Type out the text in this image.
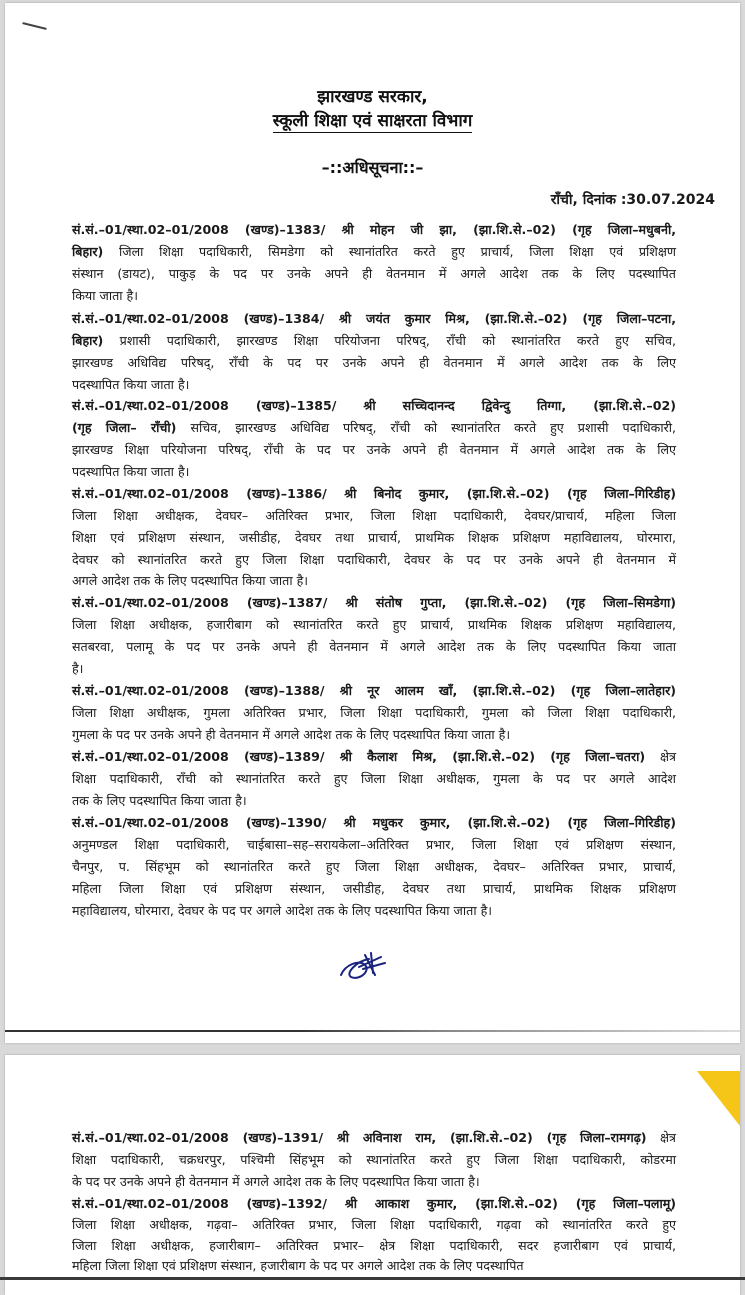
झारखण्ड सरकार,
स्कूली शिक्षा एवं साक्षरता विभाग
–::अधिसूचना::–
राँची, दिनांक :30.07.2024
सं.सं.–01/स्था.02–01/2008 (खण्ड)–1383/ श्री मोहन जी झा, (झा.शि.से.–02) (गृह जिला–मधुबनी,
बिहार) जिला शिक्षा पदाधिकारी, सिमडेगा को स्थानांतरित करते हुए प्राचार्य, जिला शिक्षा एवं प्रशिक्षण
संस्थान (डायट), पाकुड़ के पद पर उनके अपने ही वेतनमान में अगले आदेश तक के लिए पदस्थापित
किया जाता है।
सं.सं.–01/स्था.02–01/2008 (खण्ड)–1384/ श्री जयंत कुमार मिश्र, (झा.शि.से.–02) (गृह जिला–पटना,
बिहार) प्रशासी पदाधिकारी, झारखण्ड शिक्षा परियोजना परिषद्, राँची को स्थानांतरित करते हुए सचिव,
झारखण्ड अधिविद्य परिषद्, राँची के पद पर उनके अपने ही वेतनमान में अगले आदेश तक के लिए
पदस्थापित किया जाता है।
सं.सं.–01/स्था.02–01/2008 (खण्ड)–1385/ श्री सच्चिदानन्द द्विवेन्दु तिग्गा, (झा.शि.से.–02)
(गृह जिला– राँची) सचिव, झारखण्ड अधिविद्य परिषद्, राँची को स्थानांतरित करते हुए प्रशासी पदाधिकारी,
झारखण्ड शिक्षा परियोजना परिषद्, राँची के पद पर उनके अपने ही वेतनमान में अगले आदेश तक के लिए
पदस्थापित किया जाता है।
सं.सं.–01/स्था.02–01/2008 (खण्ड)–1386/ श्री बिनोद कुमार, (झा.शि.से.–02) (गृह जिला–गिरिडीह)
जिला शिक्षा अधीक्षक, देवघर– अतिरिक्त प्रभार, जिला शिक्षा पदाधिकारी, देवघर/प्राचार्य, महिला जिला
शिक्षा एवं प्रशिक्षण संस्थान, जसीडीह, देवघर तथा प्राचार्य, प्राथमिक शिक्षक प्रशिक्षण महाविद्यालय, घोरमारा,
देवघर को स्थानांतरित करते हुए जिला शिक्षा पदाधिकारी, देवघर के पद पर उनके अपने ही वेतनमान में
अगले आदेश तक के लिए पदस्थापित किया जाता है।
सं.सं.–01/स्था.02–01/2008 (खण्ड)–1387/ श्री संतोष गुप्ता, (झा.शि.से.–02) (गृह जिला–सिमडेगा)
जिला शिक्षा अधीक्षक, हजारीबाग को स्थानांतरित करते हुए प्राचार्य, प्राथमिक शिक्षक प्रशिक्षण महाविद्यालय,
सतबरवा, पलामू के पद पर उनके अपने ही वेतनमान में अगले आदेश तक के लिए पदस्थापित किया जाता
है।
सं.सं.–01/स्था.02–01/2008 (खण्ड)–1388/ श्री नूर आलम खाँ, (झा.शि.से.–02) (गृह जिला–लातेहार)
जिला शिक्षा अधीक्षक, गुमला अतिरिक्त प्रभार, जिला शिक्षा पदाधिकारी, गुमला को जिला शिक्षा पदाधिकारी,
गुमला के पद पर उनके अपने ही वेतनमान में अगले आदेश तक के लिए पदस्थापित किया जाता है।
सं.सं.–01/स्था.02–01/2008 (खण्ड)–1389/ श्री कैलाश मिश्र, (झा.शि.से.–02) (गृह जिला–चतरा) क्षेत्र
शिक्षा पदाधिकारी, राँची को स्थानांतरित करते हुए जिला शिक्षा अधीक्षक, गुमला के पद पर अगले आदेश
तक के लिए पदस्थापित किया जाता है।
सं.सं.–01/स्था.02–01/2008 (खण्ड)–1390/ श्री मधुकर कुमार, (झा.शि.से.–02) (गृह जिला–गिरिडीह)
अनुमण्डल शिक्षा पदाधिकारी, चाईबासा–सह–सरायकेला–अतिरिक्त प्रभार, जिला शिक्षा एवं प्रशिक्षण संस्थान,
चैनपुर, प. सिंहभूम को स्थानांतरित करते हुए जिला शिक्षा अधीक्षक, देवघर– अतिरिक्त प्रभार, प्राचार्य,
महिला जिला शिक्षा एवं प्रशिक्षण संस्थान, जसीडीह, देवघर तथा प्राचार्य, प्राथमिक शिक्षक प्रशिक्षण
महाविद्यालय, घोरमारा, देवघर के पद पर अगले आदेश तक के लिए पदस्थापित किया जाता है।
सं.सं.–01/स्था.02–01/2008 (खण्ड)–1391/ श्री अविनाश राम, (झा.शि.से.–02) (गृह जिला–रामगढ़) क्षेत्र
शिक्षा पदाधिकारी, चक्रधरपुर, पश्चिमी सिंहभूम को स्थानांतरित करते हुए जिला शिक्षा पदाधिकारी, कोडरमा
के पद पर उनके अपने ही वेतनमान में अगले आदेश तक के लिए पदस्थापित किया जाता है।
सं.सं.–01/स्था.02–01/2008 (खण्ड)–1392/ श्री आकाश कुमार, (झा.शि.से.–02) (गृह जिला–पलामू)
जिला शिक्षा अधीक्षक, गढ़वा– अतिरिक्त प्रभार, जिला शिक्षा पदाधिकारी, गढ़वा को स्थानांतरित करते हुए
जिला शिक्षा अधीक्षक, हजारीबाग– अतिरिक्त प्रभार– क्षेत्र शिक्षा पदाधिकारी, सदर हजारीबाग एवं प्राचार्य,
महिला जिला शिक्षा एवं प्रशिक्षण संस्थान, हजारीबाग के पद पर अगले आदेश तक के लिए पदस्थापित
